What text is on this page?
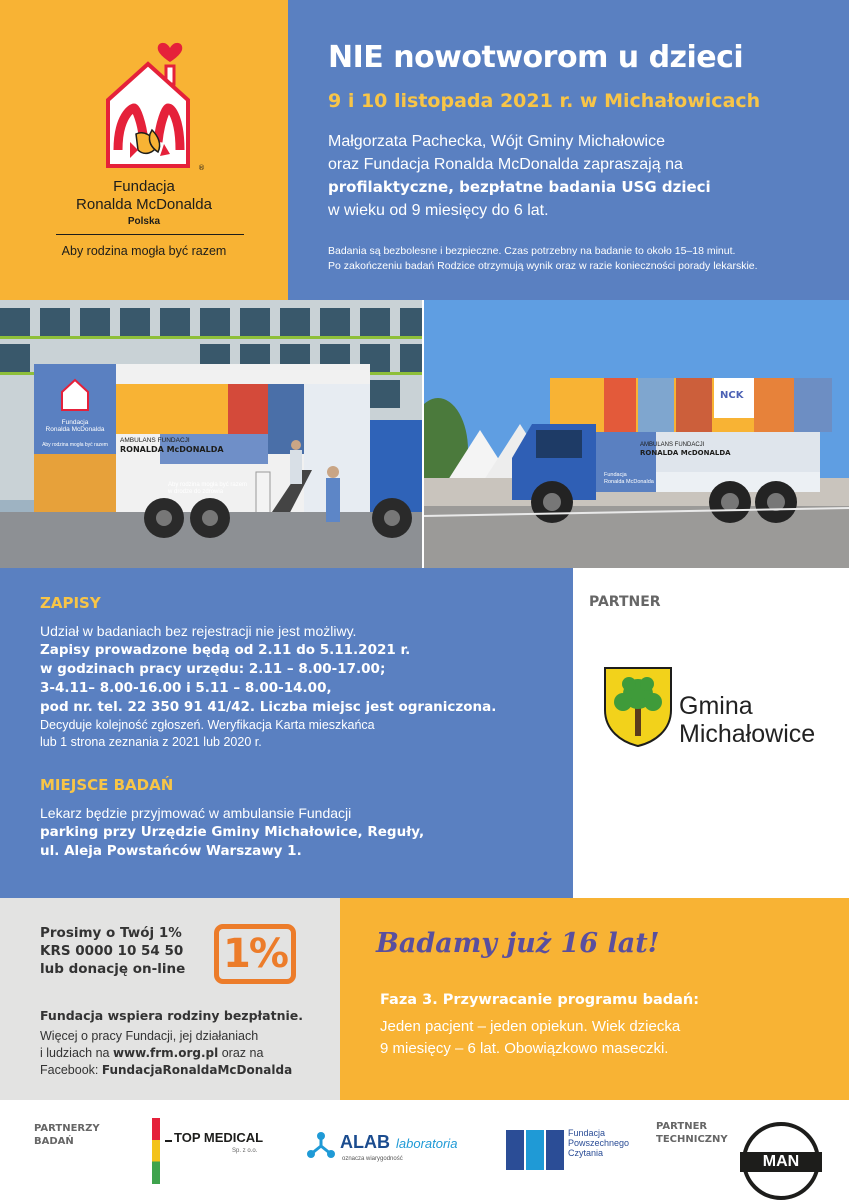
®
Fundacja
Ronalda McDonalda
Polska
Aby rodzina mogła być razem
NIE nowotworom u dzieci
9 i 10 listopada 2021 r. w Michałowicach
Małgorzata Pachecka, Wójt Gminy Michałowice
oraz Fundacja Ronalda McDonalda zapraszają na
profilaktyczne, bezpłatne badania USG dzieci
w wieku od 9 miesięcy do 6 lat.
Badania są bezbolesne i bezpieczne. Czas potrzebny na badanie to około 15–18 minut.
Po zakończeniu badań Rodzice otrzymują wynik oraz w razie konieczności porady lekarskie.
Fundacja
Ronalda McDonalda
Aby rodzina mogła być razem
AMBULANS FUNDACJI
RONALDA McDONALDA
Aby rodzina mogła być razem
w drodze do zdrowia
NCK
AMBULANS FUNDACJI
RONALDA McDONALDA
Fundacja
Ronalda McDonalda
ZAPISY
Udział w badaniach bez rejestracji nie jest możliwy.
Zapisy prowadzone będą od 2.11 do 5.11.2021 r.
w godzinach pracy urzędu: 2.11 – 8.00-17.00;
3-4.11– 8.00-16.00 i 5.11 – 8.00-14.00,
pod nr. tel. 22 350 91 41/42. Liczba miejsc jest ograniczona.
Decyduje kolejność zgłoszeń. Weryfikacja Karta mieszkańca
lub 1 strona zeznania z 2021 lub 2020 r.
MIEJSCE BADAŃ
Lekarz będzie przyjmować w ambulansie Fundacji
parking przy Urzędzie Gminy Michałowice, Reguły,
ul. Aleja Powstańców Warszawy 1.
PARTNER
Gmina
Michałowice
Prosimy o Twój 1%
KRS 0000 10 54 50
lub donację on-line 1%
Fundacja wspiera rodziny bezpłatnie.
Więcej o pracy Fundacji, jej działaniach
i ludziach na www.frm.org.pl oraz na
Facebook: FundacjaRonaldaMcDonalda
Badamy już 16 lat!
Faza 3. Przywracanie programu badań:
Jeden pacjent – jeden opiekun. Wiek dziecka
9 miesięcy – 6 lat. Obowiązkowo maseczki.
PARTNERZY
BADAŃ	TOP MEDICAL
Sp. z o.o.	ALAB laboratoria
oznacza wiarygodność
Fundacja
Powszechnego
Czytania
PARTNER
TECHNICZNY
MAN
